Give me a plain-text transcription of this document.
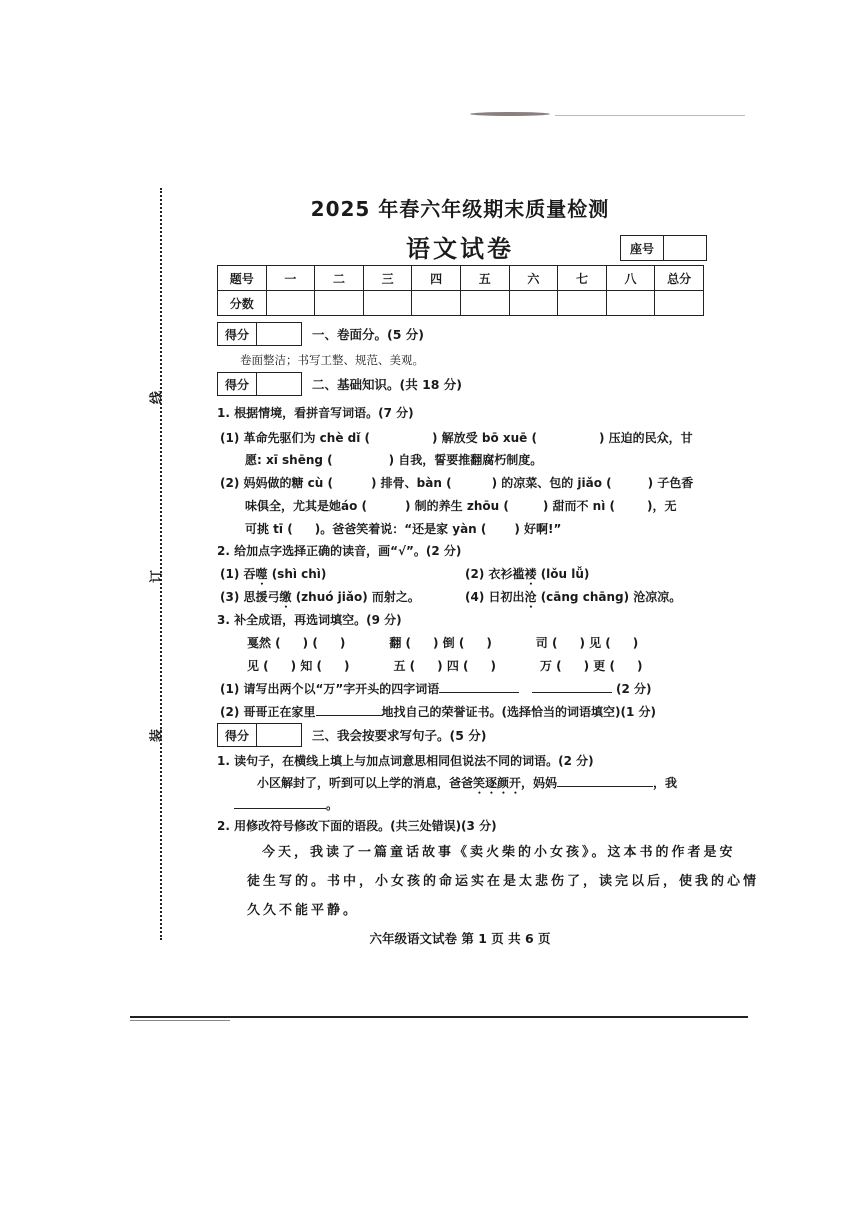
线
订
装
2025 年春六年级期末质量检测
语文试卷	座号
题号	一	二	三	四	五	六	七	八	总分
分数									
得分	一、卷面分。(5 分)
卷面整洁；书写工整、规范、美观。
得分	二、基础知识。(共 18 分)
1. 根据情境，看拼音写词语。(7 分)
(1) 革命先驱们为 chè dǐ (	) 解放受 bō xuē (	) 压迫的民众，甘
愿: xī shēng (	) 自我，誓要推翻腐朽制度。
(2) 妈妈做的糖 cù (	) 排骨、bàn (	) 的凉菜、包的 jiǎo (	) 子色香
味俱全，尤其是她áo (	) 制的养生 zhōu (	) 甜而不 nì (	)，无
可挑 tī ( )。爸爸笑着说：“还是家 yàn ( ) 好啊!”
2. 给加点字选择正确的读音，画“√”。(2 分)
(1) 吞噬 (shì chì)	(2) 衣衫褴褛 (lǒu lǚ)
(3) 思援弓缴 (zhuó jiǎo) 而射之。	(4) 日初出沧 (cāng chāng) 沧凉凉。
3. 补全成语，再选词填空。(9 分)
戛然 ( ) ( )	翻 ( ) 倒 ( )	司 ( ) 见 ( )
见 ( ) 知 ( )	五 ( ) 四 ( )	万 ( ) 更 ( )
(1) 请写出两个以“万”字开头的四字词语	(2 分)
(2) 哥哥正在家里	地找自己的荣誉证书。(选择恰当的词语填空)(1 分)
得分	三、我会按要求写句子。(5 分)
1. 读句子，在横线上填上与加点词意思相同但说法不同的词语。(2 分)
小区解封了，听到可以上学的消息，爸爸笑逐颜开，妈妈	，我
。
2. 用修改符号修改下面的语段。(共三处错误)(3 分)
今天，我读了一篇童话故事《卖火柴的小女孩》。这本书的作者是安
徒生写的。书中，小女孩的命运实在是太悲伤了，读完以后，使我的心情
久久不能平静。
六年级语文试卷 第 1 页 共 6 页
